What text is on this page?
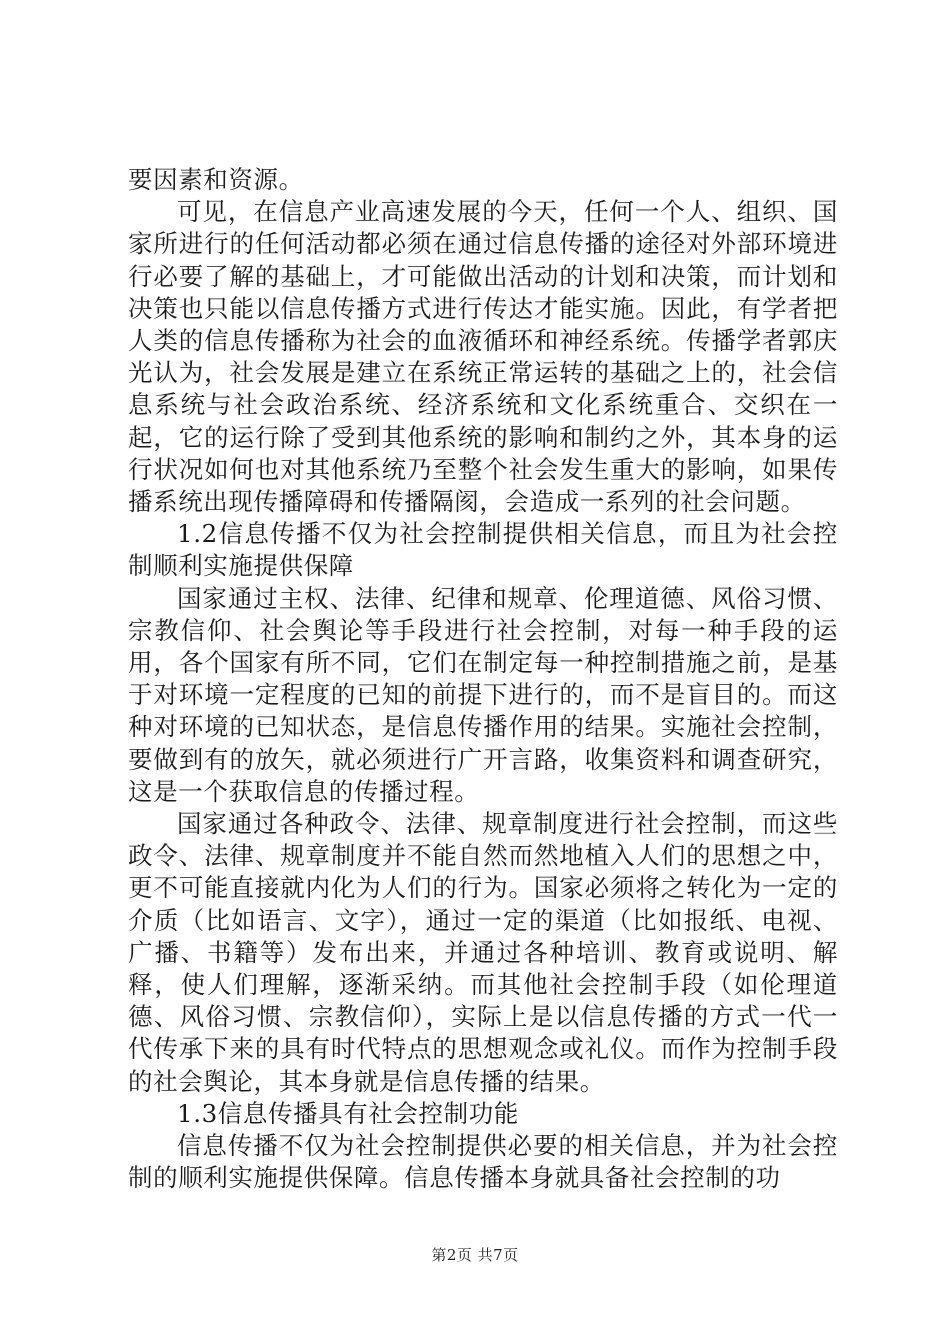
要因素和资源。

可见，在信息产业高速发展的今天，任何一个人、组织、国家所进行的任何活动都必须在通过信息传播的途径对外部环境进行必要了解的基础上，才可能做出活动的计划和决策，而计划和决策也只能以信息传播方式进行传达才能实施。因此，有学者把人类的信息传播称为社会的血液循环和神经系统。传播学者郭庆光认为，社会发展是建立在系统正常运转的基础之上的，社会信息系统与社会政治系统、经济系统和文化系统重合、交织在一起，它的运行除了受到其他系统的影响和制约之外，其本身的运行状况如何也对其他系统乃至整个社会发生重大的影响，如果传播系统出现传播障碍和传播隔阂，会造成一系列的社会问题。

1.2信息传播不仅为社会控制提供相关信息，而且为社会控制顺利实施提供保障

国家通过主权、法律、纪律和规章、伦理道德、风俗习惯、宗教信仰、社会舆论等手段进行社会控制，对每一种手段的运用，各个国家有所不同，它们在制定每一种控制措施之前，是基于对环境一定程度的已知的前提下进行的，而不是盲目的。而这种对环境的已知状态，是信息传播作用的结果。实施社会控制，要做到有的放矢，就必须进行广开言路，收集资料和调查研究，这是一个获取信息的传播过程。

国家通过各种政令、法律、规章制度进行社会控制，而这些政令、法律、规章制度并不能自然而然地植入人们的思想之中，更不可能直接就内化为人们的行为。国家必须将之转化为一定的介质（比如语言、文字），通过一定的渠道（比如报纸、电视、广播、书籍等）发布出来，并通过各种培训、教育或说明、解释，使人们理解，逐渐采纳。而其他社会控制手段（如伦理道德、风俗习惯、宗教信仰），实际上是以信息传播的方式一代一代传承下来的具有时代特点的思想观念或礼仪。而作为控制手段的社会舆论，其本身就是信息传播的结果。

1.3信息传播具有社会控制功能

信息传播不仅为社会控制提供必要的相关信息，并为社会控制的顺利实施提供保障。信息传播本身就具备社会控制的功

第2页 共7页
